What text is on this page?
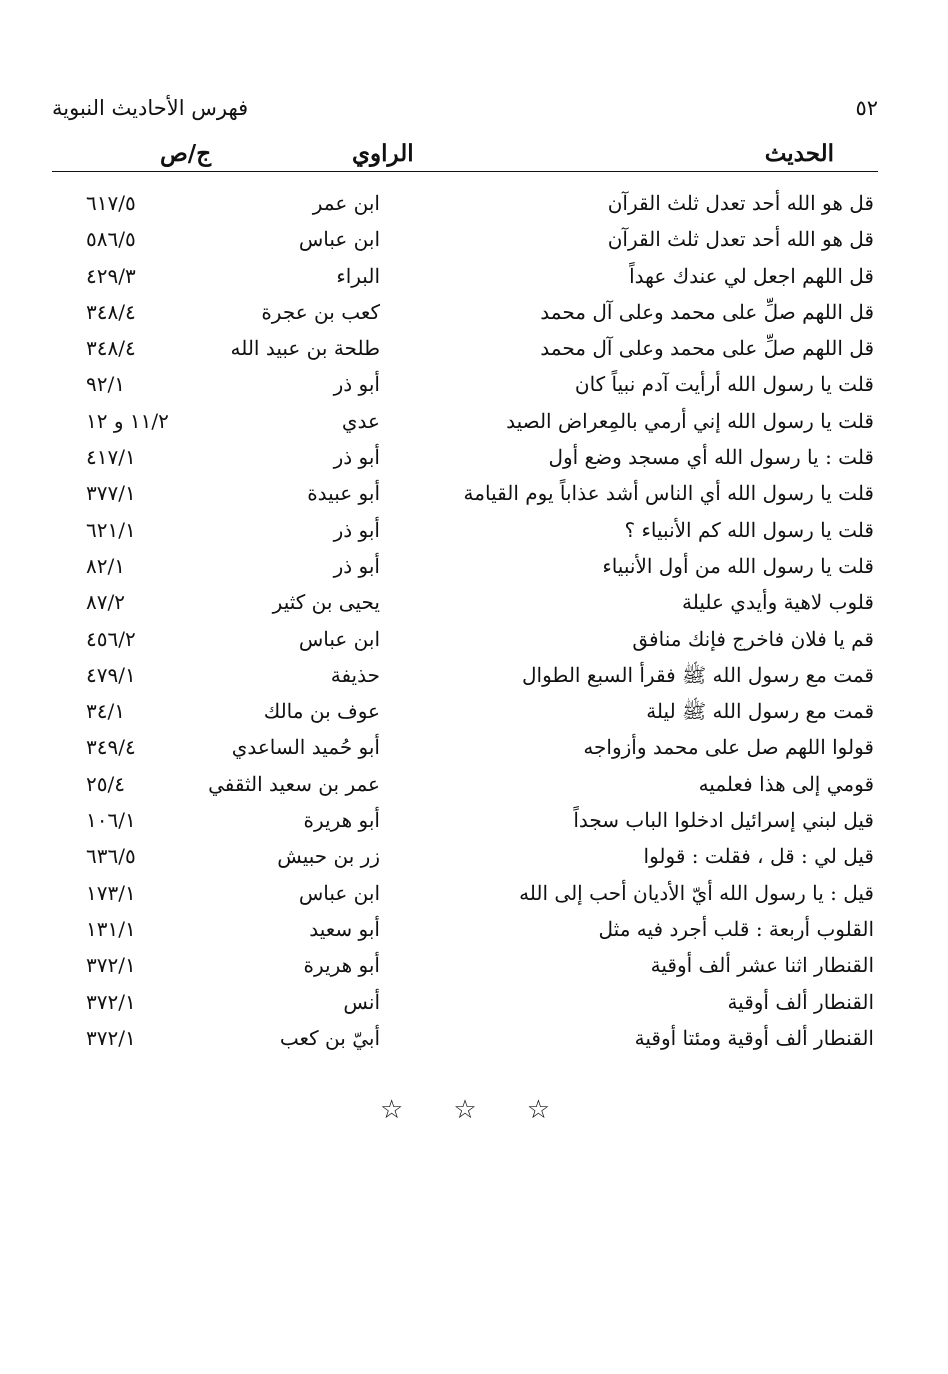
٥٢
فهرس الأحاديث النبوية
الحديث
الراوي
ج/ص
قل هو الله أحد تعدل ثلث القرآن
ابن عمر
٦١٧/٥
قل هو الله أحد تعدل ثلث القرآن
ابن عباس
٥٨٦/٥
قل اللهم اجعل لي عندك عهداً
البراء
٤٢٩/٣
قل اللهم صلِّ على محمد وعلى آل محمد
كعب بن عجرة
٣٤٨/٤
قل اللهم صلِّ على محمد وعلى آل محمد
طلحة بن عبيد الله
٣٤٨/٤
قلت يا رسول الله أرأيت آدم نبياً كان
أبو ذر
٩٢/١
قلت يا رسول الله إني أرمي بالمِعراض الصيد
عدي
١١/٢ و ١٢
قلت : يا رسول الله أي مسجد وضع أول
أبو ذر
٤١٧/١
قلت يا رسول الله أي الناس أشد عذاباً يوم القيامة
أبو عبيدة
٣٧٧/١
قلت يا رسول الله كم الأنبياء ؟
أبو ذر
٦٢١/١
قلت يا رسول الله من أول الأنبياء
أبو ذر
٨٢/١
قلوب لاهية وأيدي عليلة
يحيى بن كثير
٨٧/٢
قم يا فلان فاخرج فإنك منافق
ابن عباس
٤٥٦/٢
قمت مع رسول الله ﷺ فقرأ السبع الطوال
حذيفة
٤٧٩/١
قمت مع رسول الله ﷺ ليلة
عوف بن مالك
٣٤/١
قولوا اللهم صل على محمد وأزواجه
أبو حُميد الساعدي
٣٤٩/٤
قومي إلى هذا فعلميه
عمر بن سعيد الثقفي
٢٥/٤
قيل لبني إسرائيل ادخلوا الباب سجداً
أبو هريرة
١٠٦/١
قيل لي : قل ، فقلت : قولوا
زر بن حبيش
٦٣٦/٥
قيل : يا رسول الله أيّ الأديان أحب إلى الله
ابن عباس
١٧٣/١
القلوب أربعة : قلب أجرد فيه مثل
أبو سعيد
١٣١/١
القنطار اثنا عشر ألف أوقية
أبو هريرة
٣٧٢/١
القنطار ألف أوقية
أنس
٣٧٢/١
القنطار ألف أوقية ومئتا أوقية
أبيّ بن كعب
٣٧٢/١
☆ ☆ ☆
